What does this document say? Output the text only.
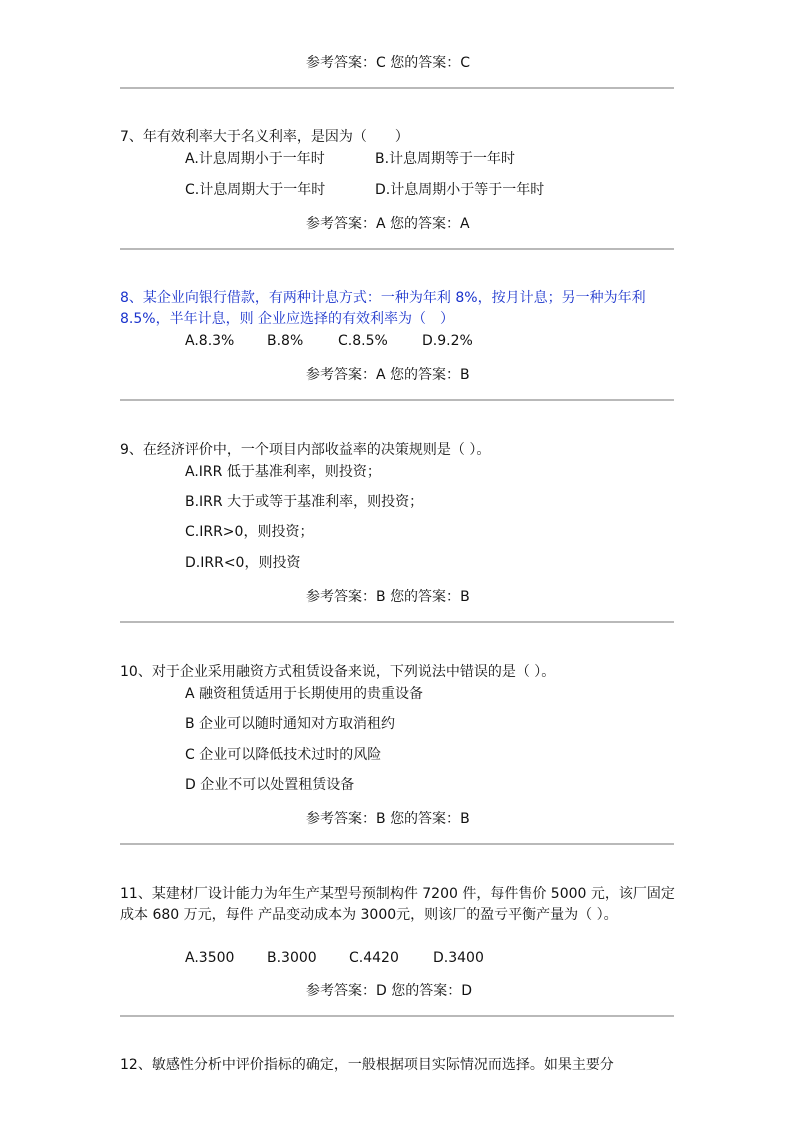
参考答案：C 您的答案：C
7、年有效利率大于名义利率，是因为（　　）
A.计息周期小于一年时	B.计息周期等于一年时
C.计息周期大于一年时	D.计息周期小于等于一年时
参考答案：A 您的答案：A
8、某企业向银行借款，有两种计息方式：一种为年利 8%，按月计息；另一种为年利 8.5%，半年计息，则 企业应选择的有效利率为（　）
A.8.3% B.8% C.8.5% D.9.2%
参考答案：A 您的答案：B
9、在经济评价中，一个项目内部收益率的决策规则是（ ）。
A.IRR 低于基准利率，则投资；
B.IRR 大于或等于基准利率，则投资；
C.IRR>0，则投资；
D.IRR<0，则投资
参考答案：B 您的答案：B
10、对于企业采用融资方式租赁设备来说，下列说法中错误的是（ ）。
A 融资租赁适用于长期使用的贵重设备
B 企业可以随时通知对方取消租约
C 企业可以降低技术过时的风险
D 企业不可以处置租赁设备
参考答案：B 您的答案：B
11、某建材厂设计能力为年生产某型号预制构件 7200 件，每件售价 5000 元，该厂固定成本 680 万元，每件 产品变动成本为 3000元，则该厂的盈亏平衡产量为（ ）。
A.3500 B.3000 C.4420 D.3400
参考答案：D 您的答案：D
12、敏感性分析中评价指标的确定，一般根据项目实际情况而选择。如果主要分
